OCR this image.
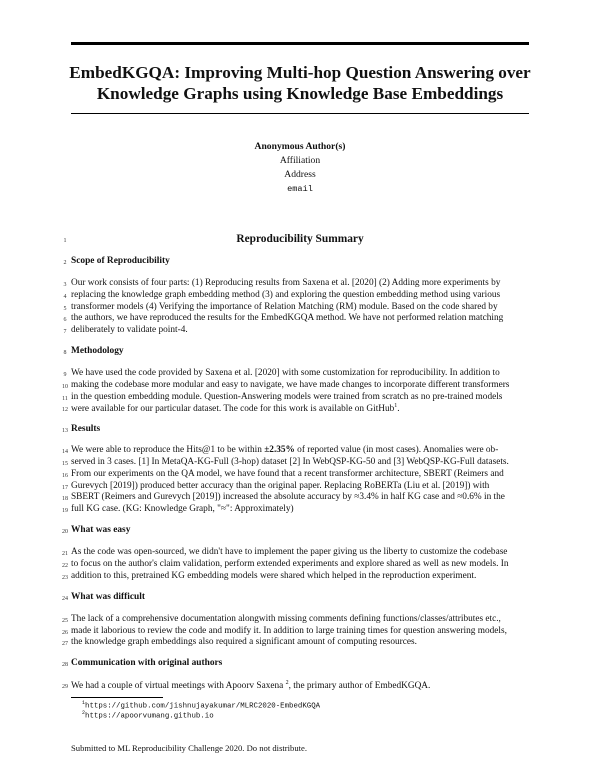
EmbedKGQA: Improving Multi-hop Question Answering over
Knowledge Graphs using Knowledge Base Embeddings
Anonymous Author(s)
Affiliation
Address
email
Reproducibility Summary
1
2
3
4
5
6
7
8
9
10
11
12
13
14
15
16
17
18
19
20
21
22
23
24
25
26
27
28
29
Scope of Reproducibility
Our work consists of four parts: (1) Reproducing results from Saxena et al. [2020] (2) Adding more experiments by
replacing the knowledge graph embedding method (3) and exploring the question embedding method using various
transformer models (4) Verifying the importance of Relation Matching (RM) module. Based on the code shared by
the authors, we have reproduced the results for the EmbedKGQA method. We have not performed relation matching
deliberately to validate point-4.
Methodology
We have used the code provided by Saxena et al. [2020] with some customization for reproducibility. In addition to
making the codebase more modular and easy to navigate, we have made changes to incorporate different transformers
in the question embedding module. Question-Answering models were trained from scratch as no pre-trained models
were available for our particular dataset. The code for this work is available on GitHub$^1$.
Results
We were able to reproduce the Hits@1 to be within ±2.35% of reported value (in most cases). Anomalies were ob-
served in 3 cases. [1] In MetaQA-KG-Full (3-hop) dataset [2] In WebQSP-KG-50 and [3] WebQSP-KG-Full datasets.
From our experiments on the QA model, we have found that a recent transformer architecture, SBERT (Reimers and
Gurevych [2019]) produced better accuracy than the original paper. Replacing RoBERTa (Liu et al. [2019]) with
SBERT (Reimers and Gurevych [2019]) increased the absolute accuracy by ≈3.4% in half KG case and ≈0.6% in the
full KG case. (KG: Knowledge Graph, "≈": Approximately)
What was easy
As the code was open-sourced, we didn't have to implement the paper giving us the liberty to customize the codebase
to focus on the author's claim validation, perform extended experiments and explore shared as well as new models. In
addition to this, pretrained KG embedding models were shared which helped in the reproduction experiment.
What was difficult
The lack of a comprehensive documentation alongwith missing comments defining functions/classes/attributes etc.,
made it laborious to review the code and modify it. In addition to large training times for question answering models,
the knowledge graph embeddings also required a significant amount of computing resources.
Communication with original authors
We had a couple of virtual meetings with Apoorv Saxena $^2$, the primary author of EmbedKGQA.
$^1$https://github.com/jishnujayakumar/MLRC2020-EmbedKGQA
$^2$https://apoorvumang.github.io
Submitted to ML Reproducibility Challenge 2020. Do not distribute.
